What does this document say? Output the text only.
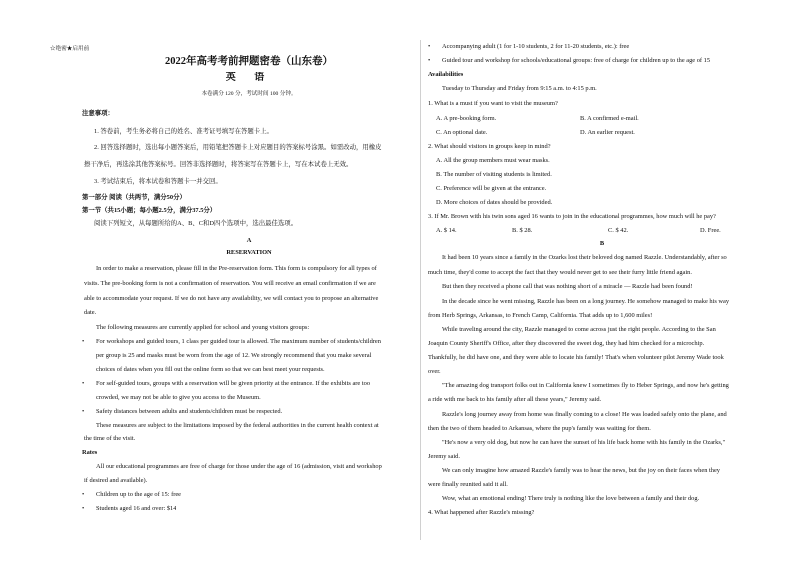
☆绝密★启用前
2022年高考考前押题密卷（山东卷）
英 语
本卷满分 120 分，考试时间 100 分钟。
注意事项：
1. 答卷前，考生务必将自己的姓名、准考证号填写在答题卡上。
2. 回答选择题时，选出每小题答案后，用铅笔把答题卡上对应题目的答案标号涂黑。如需改动，用橡皮
擦干净后，再选涂其他答案标号。回答非选择题时，将答案写在答题卡上，写在本试卷上无效。
3. 考试结束后，将本试卷和答题卡一并交回。
第一部分 阅读（共两节，满分50分）
第一节（共15小题；每小题2.5分，满分37.5分）
阅读下列短文，从每题所给的A、B、C和D四个选项中，选出最佳选项。
A
RESERVATION
In order to make a reservation, please fill in the Pre-reservation form. This form is compulsory for all types of
visits. The pre-booking form is not a confirmation of reservation. You will receive an email confirmation if we are
able to accommodate your request. If we do not have any availability, we will contact you to propose an alternative
date.
The following measures are currently applied for school and young visitors groups:
• For workshops and guided tours, 1 class per guided tour is allowed. The maximum number of students/children
per group is 25 and masks must be worn from the age of 12. We strongly recommend that you make several
choices of dates when you fill out the online form so that we can best meet your requests.
• For self-guided tours, groups with a reservation will be given priority at the entrance. If the exhibits are too
crowded, we may not be able to give you access to the Museum.
• Safety distances between adults and students/children must be respected.
These measures are subject to the limitations imposed by the federal authorities in the current health context at
the time of the visit.
Rates
All our educational programmes are free of charge for those under the age of 16 (admission, visit and workshop
if desired and available).
• Children up to the age of 15: free
• Students aged 16 and over: $14
• Accompanying adult (1 for 1-10 students, 2 for 11-20 students, etc.): free
• Guided tour and workshop for schools/educational groups: free of charge for children up to the age of 15
Availabilities
Tuesday to Thursday and Friday from 9:15 a.m. to 4:15 p.m.
1. What is a must if you want to visit the museum?
A. A pre-booking form.	B. A confirmed e-mail.
C. An optional date.	D. An earlier request.
2. What should visitors in groups keep in mind?
A. All the group members must wear masks.
B. The number of visiting students is limited.
C. Preference will be given at the entrance.
D. More choices of dates should be provided.
3. If Mr. Brown with his twin sons aged 16 wants to join in the educational programmes, how much will he pay?
A. $ 14.	B. $ 28.	C. $ 42.	D. Free.
B
It had been 10 years since a family in the Ozarks lost their beloved dog named Razzle. Understandably, after so
much time, they'd come to accept the fact that they would never get to see their furry little friend again.
But then they received a phone call that was nothing short of a miracle — Razzle had been found!
In the decade since he went missing, Razzle has been on a long journey. He somehow managed to make his way
from Herb Springs, Arkansas, to French Camp, California. That adds up to 1,600 miles!
While traveling around the city, Razzle managed to come across just the right people. According to the San
Joaquin County Sheriff's Office, after they discovered the sweet dog, they had him checked for a microchip.
Thankfully, he did have one, and they were able to locate his family! That's when volunteer pilot Jeremy Wade took
over.
"The amazing dog transport folks out in California knew I sometimes fly to Heber Springs, and now he's getting
a ride with me back to his family after all these years," Jeremy said.
Razzle's long journey away from home was finally coming to a close! He was loaded safely onto the plane, and
then the two of them headed to Arkansas, where the pup's family was waiting for them.
"He's now a very old dog, but now he can have the sunset of his life back home with his family in the Ozarks,"
Jeremy said.
We can only imagine how amazed Razzle's family was to hear the news, but the joy on their faces when they
were finally reunited said it all.
Wow, what an emotional ending! There truly is nothing like the love between a family and their dog.
4. What happened after Razzle's missing?
